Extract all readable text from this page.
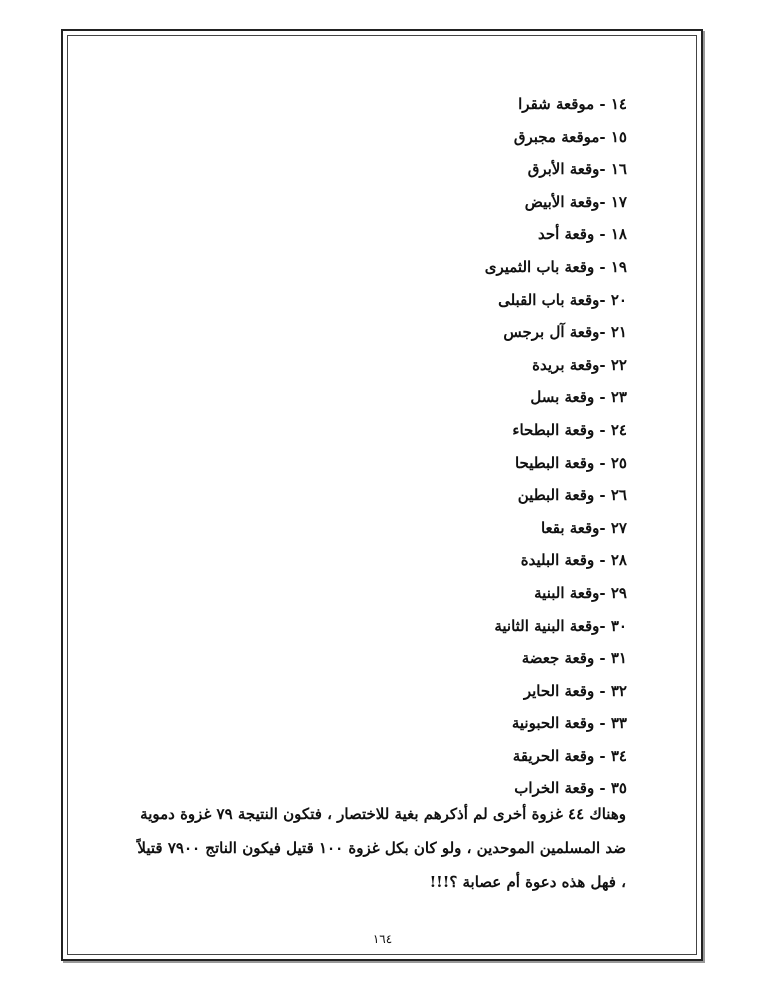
١٤ - موقعة شقرا
١٥ -موقعة مجبرق
١٦ -وقعة الأبرق
١٧ -وقعة الأبيض
١٨ - وقعة أحد
١٩ - وقعة باب الثميرى
٢٠ -وقعة باب القبلى
٢١ -وقعة آل برجس
٢٢ -وقعة بريدة
٢٣ - وقعة بسل
٢٤ - وقعة البطحاء
٢٥ - وقعة البطيحا
٢٦ - وقعة البطين
٢٧ -وقعة بقعا
٢٨ - وقعة البليدة
٢٩ -وقعة البنية
٣٠ -وقعة البنية الثانية
٣١ - وقعة جعضة
٣٢ - وقعة الحاير
٣٣ - وقعة الحبونية
٣٤ - وقعة الحريقة
٣٥ - وقعة الخراب

وهناك ٤٤ غزوة أخرى لم أذكرهم بغية للاختصار ، فتكون النتيجة ٧٩ غزوة دموية

ضد المسلمين الموحدين ، ولو كان بكل غزوة ١٠٠ قتيل فيكون الناتج ٧٩٠٠ قتيلاً

، فهل هذه دعوة أم عصابة ؟!!!

١٦٤
